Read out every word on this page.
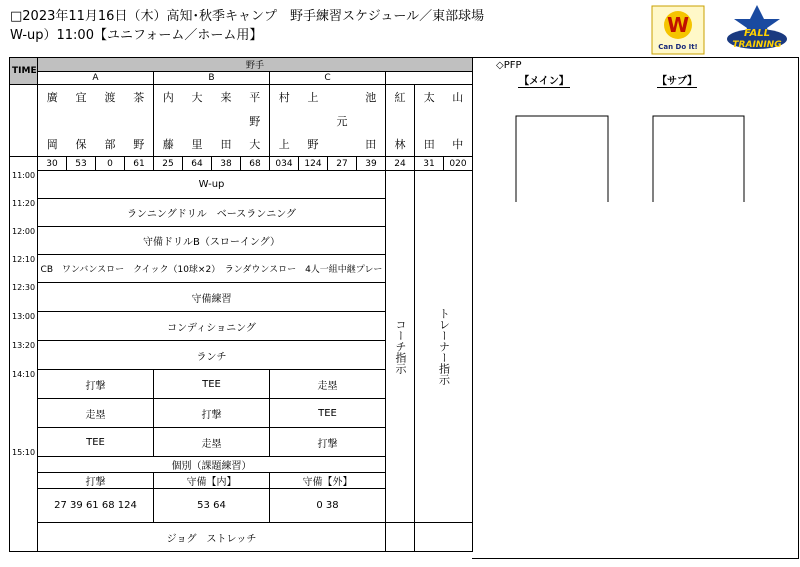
□2023年11月16日（木）高知･秋季キャンプ　野手練習スケジュール／東部球場
W-up）11:00【ユニフォーム／ホーム用】	W
Can Do It!
FALL
TRAINING
TIME	野手														
	A				B				C						
	廣	宜	渡	茶	内	大	来	平	村	上		池	紅	太	山
								野			元				
	岡	保	部	野	藤	里	田	大	上	野		田	林	田	中
	30	53	0	61	25	64	38	68	034	124	27	39	24	31	020
11:00	W-up												コーチ指示	トレーナー指示	

11:20	ランニングドリル　ベースランニング														
12:00	守備ドリルB（スローイング）														
12:10	CB　ワンバンスロー　クイック（10球×2）　ランダウンスロー　4人一組中継プレー														
12:30	守備練習														
13:00	コンディショニング														
13:20	ランチ														
14:10	打撃				TEE				走塁						
	走塁				打撃				TEE						
15:10	TEE				走塁				打撃						
	個別（課題練習）														
	打撃				守備【内】				守備【外】						
	27 39 61 68 124				53 64				0 38						
	ジョグ　ストレッチ														
◇PFP
【メイン】	【サブ】
